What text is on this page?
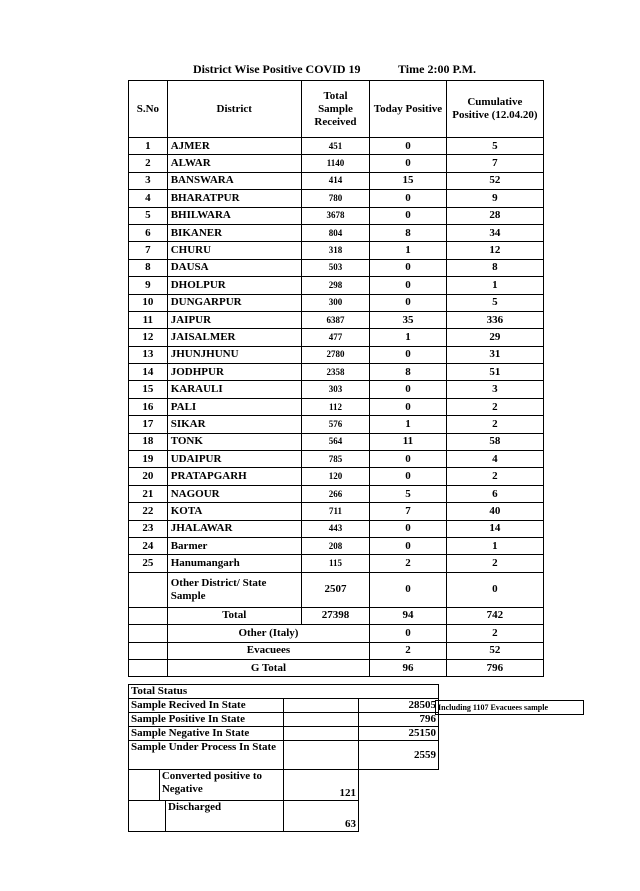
District Wise Positive COVID 19	Time 2:00 P.M.
S.No	District	Total Sample Received	Today Positive	Cumulative Positive (12.04.20)
1	AJMER	451	0	5
2	ALWAR	1140	0	7
3	BANSWARA	414	15	52
4	BHARATPUR	780	0	9
5	BHILWARA	3678	0	28
6	BIKANER	804	8	34
7	CHURU	318	1	12
8	DAUSA	503	0	8
9	DHOLPUR	298	0	1
10	DUNGARPUR	300	0	5
11	JAIPUR	6387	35	336
12	JAISALMER	477	1	29
13	JHUNJHUNU	2780	0	31
14	JODHPUR	2358	8	51
15	KARAULI	303	0	3
16	PALI	112	0	2
17	SIKAR	576	1	2
18	TONK	564	11	58
19	UDAIPUR	785	0	4
20	PRATAPGARH	120	0	2
21	NAGOUR	266	5	6
22	KOTA	711	7	40
23	JHALAWAR	443	0	14
24	Barmer	208	0	1
25	Hanumangarh	115	2	2
	Other District/ State Sample	2507	0	0
	Total	27398	94	742
	Other (Italy)		0	2
	Evacuees		2	52
	G Total		96	796
Total Status		
Sample Recived In State		28505
Sample Positive In State		796
Sample Negative In State		25150
Sample Under Process In State		2559

Converted positive to Negative	121	

Discharged	63	
Including 1107 Evacuees sample
